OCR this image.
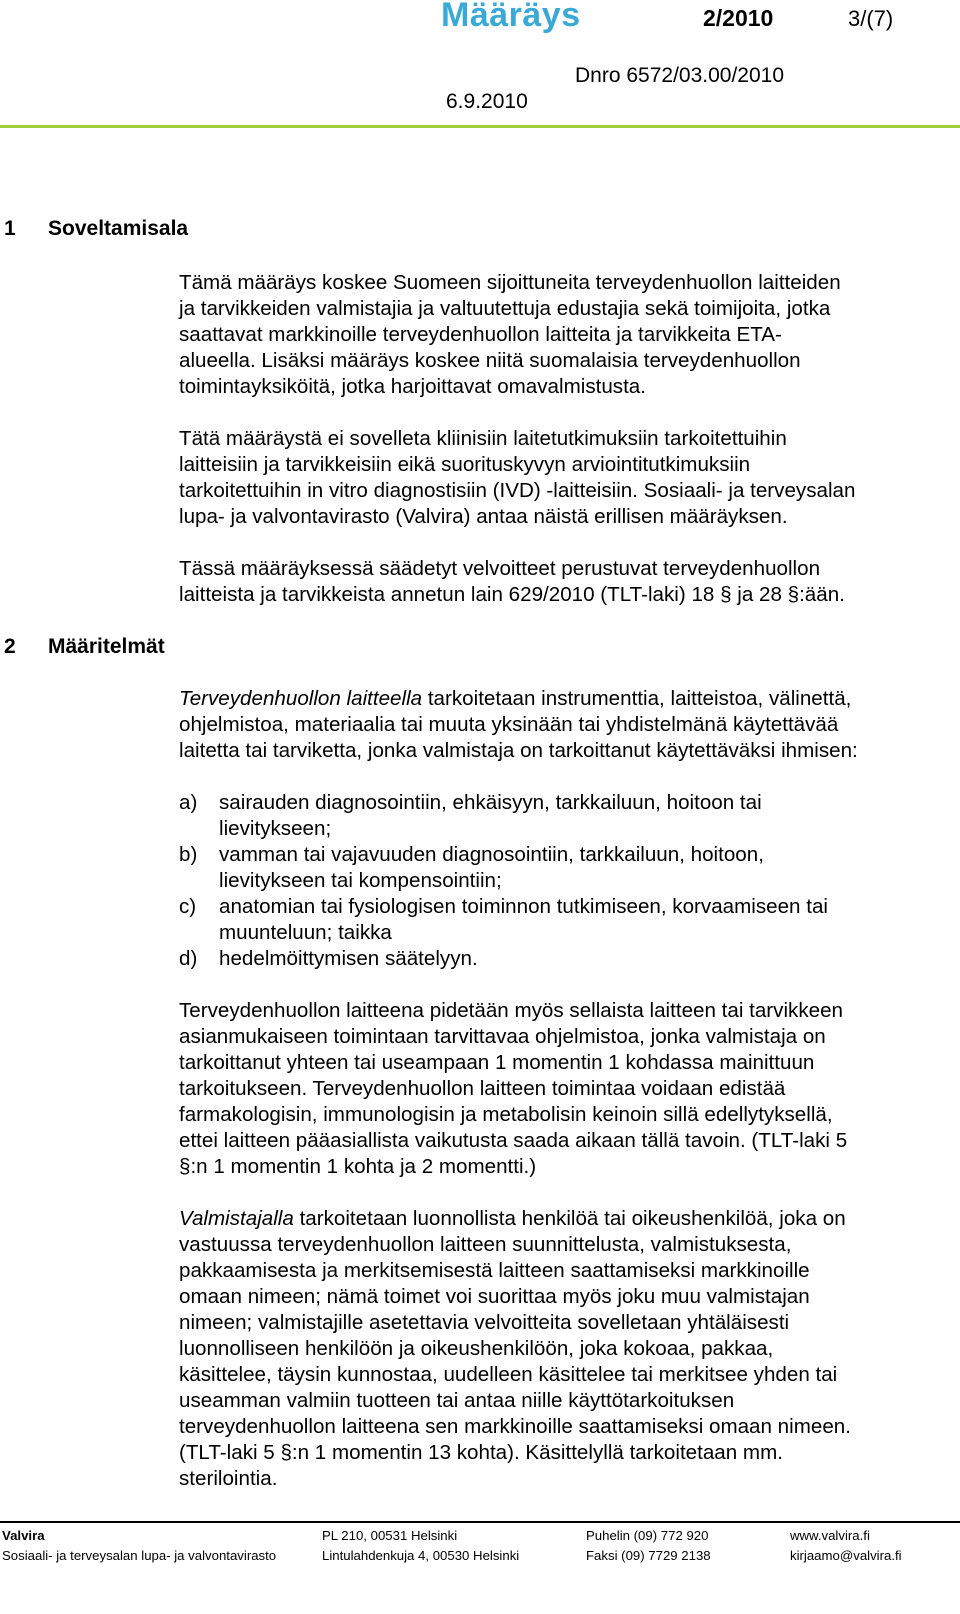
Määräys	2/2010	3/(7)
Dnro 6572/03.00/2010
6.9.2010
1 Soveltamisala
2 Määritelmät

Tämä määräys koskee Suomeen sijoittuneita terveydenhuollon laitteiden

ja tarvikkeiden valmistajia ja valtuutettuja edustajia sekä toimijoita, jotka

saattavat markkinoille terveydenhuollon laitteita ja tarvikkeita ETA-

alueella. Lisäksi määräys koskee niitä suomalaisia terveydenhuollon

toimintayksiköitä, jotka harjoittavat omavalmistusta.

Tätä määräystä ei sovelleta kliinisiin laitetutkimuksiin tarkoitettuihin

laitteisiin ja tarvikkeisiin eikä suorituskyvyn arviointitutkimuksiin

tarkoitettuihin in vitro diagnostisiin (IVD) -laitteisiin. Sosiaali- ja terveysalan

lupa- ja valvontavirasto (Valvira) antaa näistä erillisen määräyksen.

Tässä määräyksessä säädetyt velvoitteet perustuvat terveydenhuollon

laitteista ja tarvikkeista annetun lain 629/2010 (TLT-laki) 18 § ja 28 §:ään.

Terveydenhuollon laitteella tarkoitetaan instrumenttia, laitteistoa, välinettä,

ohjelmistoa, materiaalia tai muuta yksinään tai yhdistelmänä käytettävää

laitetta tai tarviketta, jonka valmistaja on tarkoittanut käytettäväksi ihmisen:

a) sairauden diagnosointiin, ehkäisyyn, tarkkailuun, hoitoon tai
lievitykseen;
b) vamman tai vajavuuden diagnosointiin, tarkkailuun, hoitoon,
lievitykseen tai kompensointiin;
c) anatomian tai fysiologisen toiminnon tutkimiseen, korvaamiseen tai
muunteluun; taikka
d) hedelmöittymisen säätelyyn.

Terveydenhuollon laitteena pidetään myös sellaista laitteen tai tarvikkeen

asianmukaiseen toimintaan tarvittavaa ohjelmistoa, jonka valmistaja on

tarkoittanut yhteen tai useampaan 1 momentin 1 kohdassa mainittuun

tarkoitukseen. Terveydenhuollon laitteen toimintaa voidaan edistää

farmakologisin, immunologisin ja metabolisin keinoin sillä edellytyksellä,

ettei laitteen pääasiallista vaikutusta saada aikaan tällä tavoin. (TLT-laki 5

§:n 1 momentin 1 kohta ja 2 momentti.)

Valmistajalla tarkoitetaan luonnollista henkilöä tai oikeushenkilöä, joka on

vastuussa terveydenhuollon laitteen suunnittelusta, valmistuksesta,

pakkaamisesta ja merkitsemisestä laitteen saattamiseksi markkinoille

omaan nimeen; nämä toimet voi suorittaa myös joku muu valmistajan

nimeen; valmistajille asetettavia velvoitteita sovelletaan yhtäläisesti

luonnolliseen henkilöön ja oikeushenkilöön, joka kokoaa, pakkaa,

käsittelee, täysin kunnostaa, uudelleen käsittelee tai merkitsee yhden tai

useamman valmiin tuotteen tai antaa niille käyttötarkoituksen

terveydenhuollon laitteena sen markkinoille saattamiseksi omaan nimeen.

(TLT-laki 5 §:n 1 momentin 13 kohta). Käsittelyllä tarkoitetaan mm.

sterilointia.

Valvira
Sosiaali- ja terveysalan lupa- ja valvontavirasto
PL 210, 00531 Helsinki
Lintulahdenkuja 4, 00530 Helsinki
Puhelin (09) 772 920
Faksi (09) 7729 2138
www.valvira.fi
kirjaamo@valvira.fi
